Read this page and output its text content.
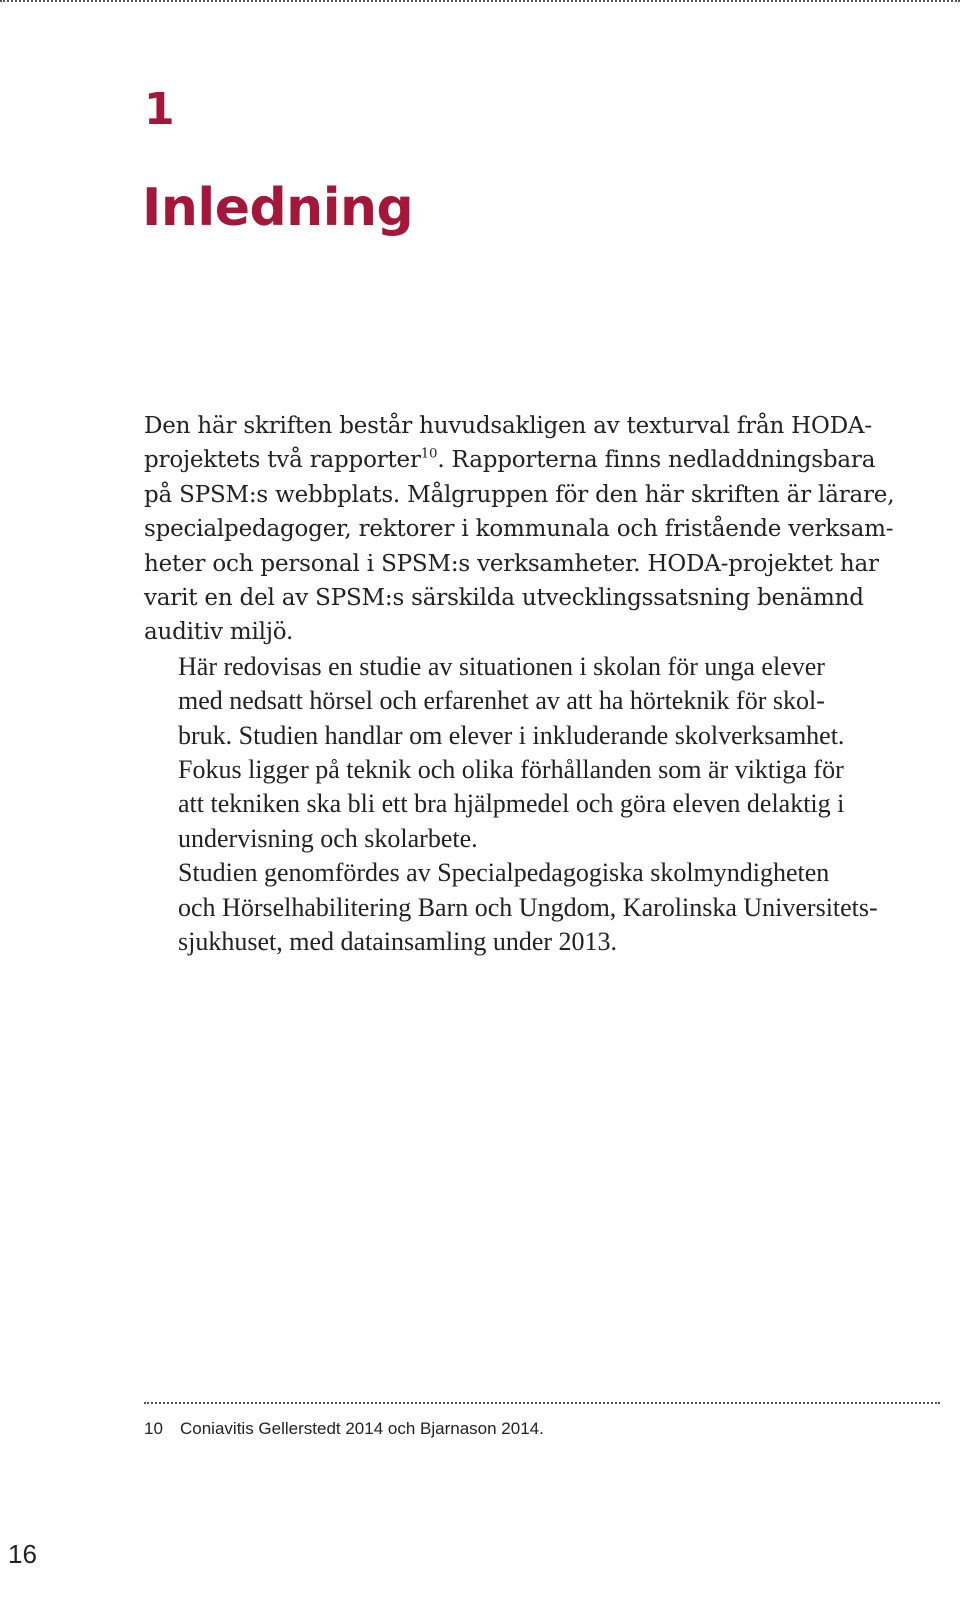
1
Inledning

Den här skriften består huvudsakligen av texturval från HODA-
projektets två rapporter$^{10}$. Rapporterna finns nedladdningsbara
på SPSM:s webbplats. Målgruppen för den här skriften är lärare,
specialpedagoger, rektorer i kommunala och fristående verksam-
heter och personal i SPSM:s verksamheter. HODA-projektet har
varit en del av SPSM:s särskilda utvecklingssatsning benämnd
auditiv miljö.

Här redovisas en studie av situationen i skolan för unga elever
med nedsatt hörsel och erfarenhet av att ha hörteknik för skol-
bruk. Studien handlar om elever i inkluderande skolverksamhet.
Fokus ligger på teknik och olika förhållanden som är viktiga för
att tekniken ska bli ett bra hjälpmedel och göra eleven delaktig i
undervisning och skolarbete.

Studien genomfördes av Specialpedagogiska skolmyndigheten
och Hörselhabilitering Barn och Ungdom, Karolinska Universitets-
sjukhuset, med datainsamling under 2013.

10 Coniavitis Gellerstedt 2014 och Bjarnason 2014.

16
